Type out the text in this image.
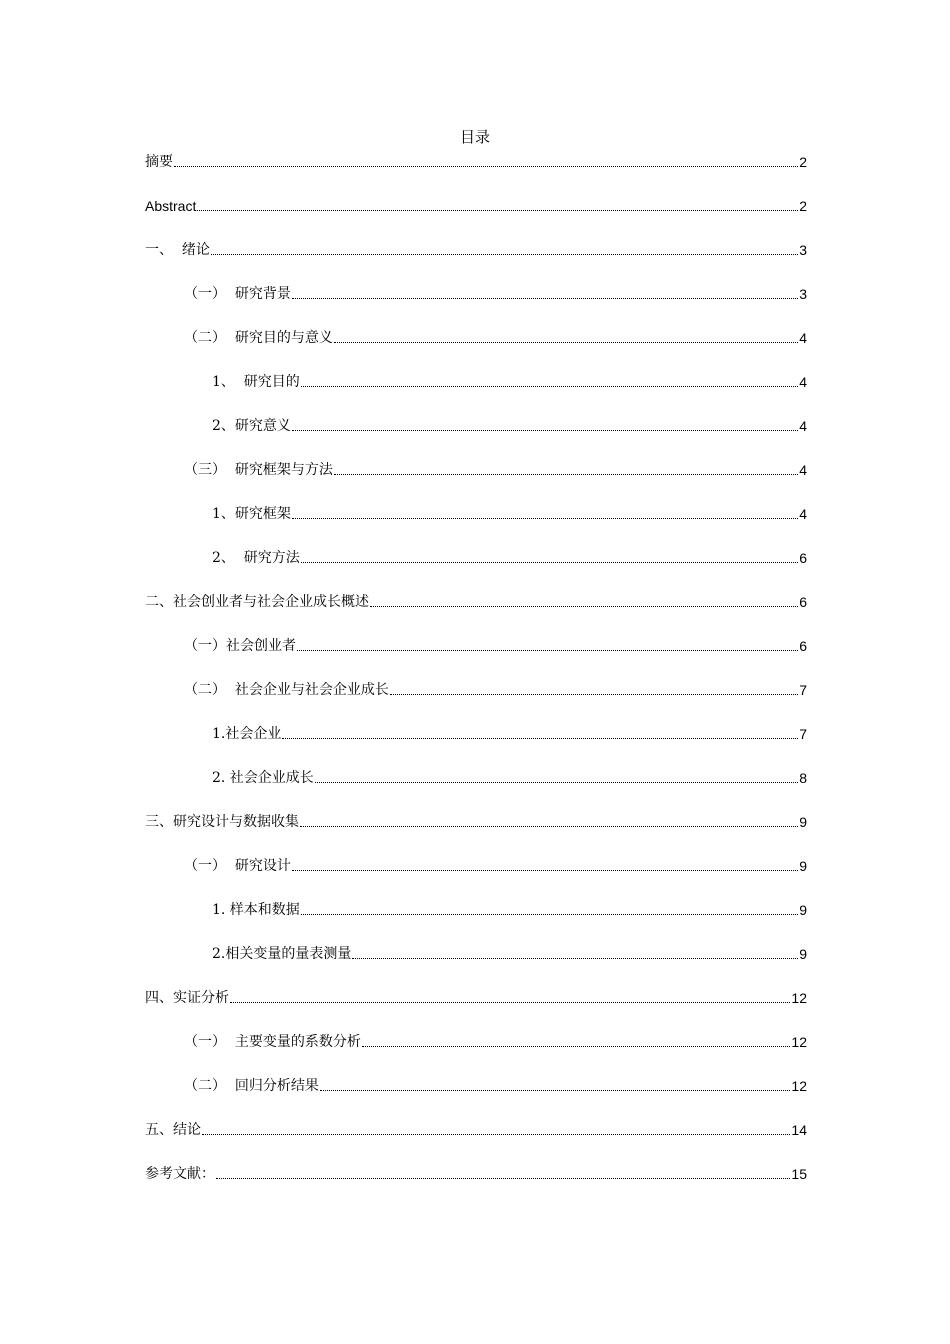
目录
摘要	2
Abstract	2
一、  绪论	3
（一）  研究背景	3
（二）  研究目的与意义	4
1、  研究目的	4
2、研究意义	4
（三）  研究框架与方法	4
1、研究框架	4
2、  研究方法	6
二、社会创业者与社会企业成长概述	6
（一）社会创业者	6
（二）  社会企业与社会企业成长	7
1.社会企业	7
2. 社会企业成长	8
三、研究设计与数据收集	9
（一）  研究设计	9
1. 样本和数据	9
2.相关变量的量表测量	9
四、实证分析	12
（一）  主要变量的系数分析	12
（二）  回归分析结果	12
五、结论	14
参考文献：	15
